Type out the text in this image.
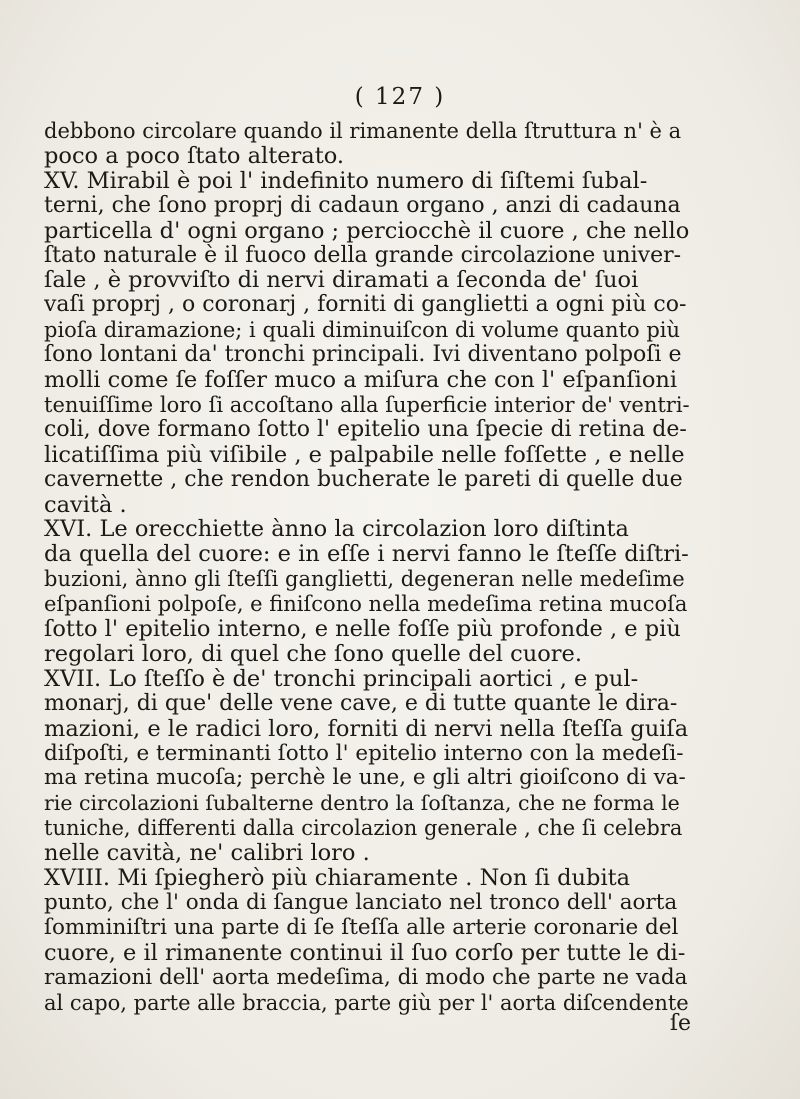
( 127 )
debbono circolare quando il rimanente della ſtruttura n' è a
poco a poco ſtato alterato.
XV. Mirabil è poi l' indefinito numero di ſiſtemi ſubal-
terni, che ſono proprj di cadaun organo , anzi di cadauna
particella d' ogni organo ; perciocchè il cuore , che nello
ſtato naturale è il fuoco della grande circolazione univer-
ſale , è provviſto di nervi diramati a ſeconda de' ſuoi
vaſi proprj , o coronarj , forniti di ganglietti a ogni più co-
pioſa diramazione; i quali diminuiſcon di volume quanto più
ſono lontani da' tronchi principali. Ivi diventano polpoſi e
molli come ſe foſſer muco a miſura che con l' eſpanſioni
tenuiſſime loro ſi accoſtano alla ſuperficie interior de' ventri-
coli, dove formano ſotto l' epitelio una ſpecie di retina de-
licatiſſima più viſibile , e palpabile nelle foſſette , e nelle
cavernette , che rendon bucherate le pareti di quelle due
cavità .
XVI. Le orecchiette ànno la circolazion loro diſtinta
da quella del cuore: e in eſſe i nervi fanno le ſteſſe diſtri-
buzioni, ànno gli ſteſſi ganglietti, degeneran nelle medeſime
eſpanſioni polpoſe, e finiſcono nella medeſima retina mucoſa
ſotto l' epitelio interno, e nelle foſſe più profonde , e più
regolari loro, di quel che ſono quelle del cuore.
XVII. Lo ſteſſo è de' tronchi principali aortici , e pul-
monarj, di que' delle vene cave, e di tutte quante le dira-
mazioni, e le radici loro, forniti di nervi nella ſteſſa guiſa
diſpoſti, e terminanti ſotto l' epitelio interno con la medeſi-
ma retina mucoſa; perchè le une, e gli altri gioiſcono di va-
rie circolazioni ſubalterne dentro la ſoſtanza, che ne forma le
tuniche, differenti dalla circolazion generale , che ſi celebra
nelle cavità, ne' calibri loro .
XVIII. Mi ſpiegherò più chiaramente . Non ſi dubita
punto, che l' onda di ſangue lanciato nel tronco dell' aorta
ſomminiſtri una parte di ſe ſteſſa alle arterie coronarie del
cuore, e il rimanente continui il ſuo corſo per tutte le di-
ramazioni dell' aorta medeſima, di modo che parte ne vada
al capo, parte alle braccia, parte giù per l' aorta diſcendente
ſe
